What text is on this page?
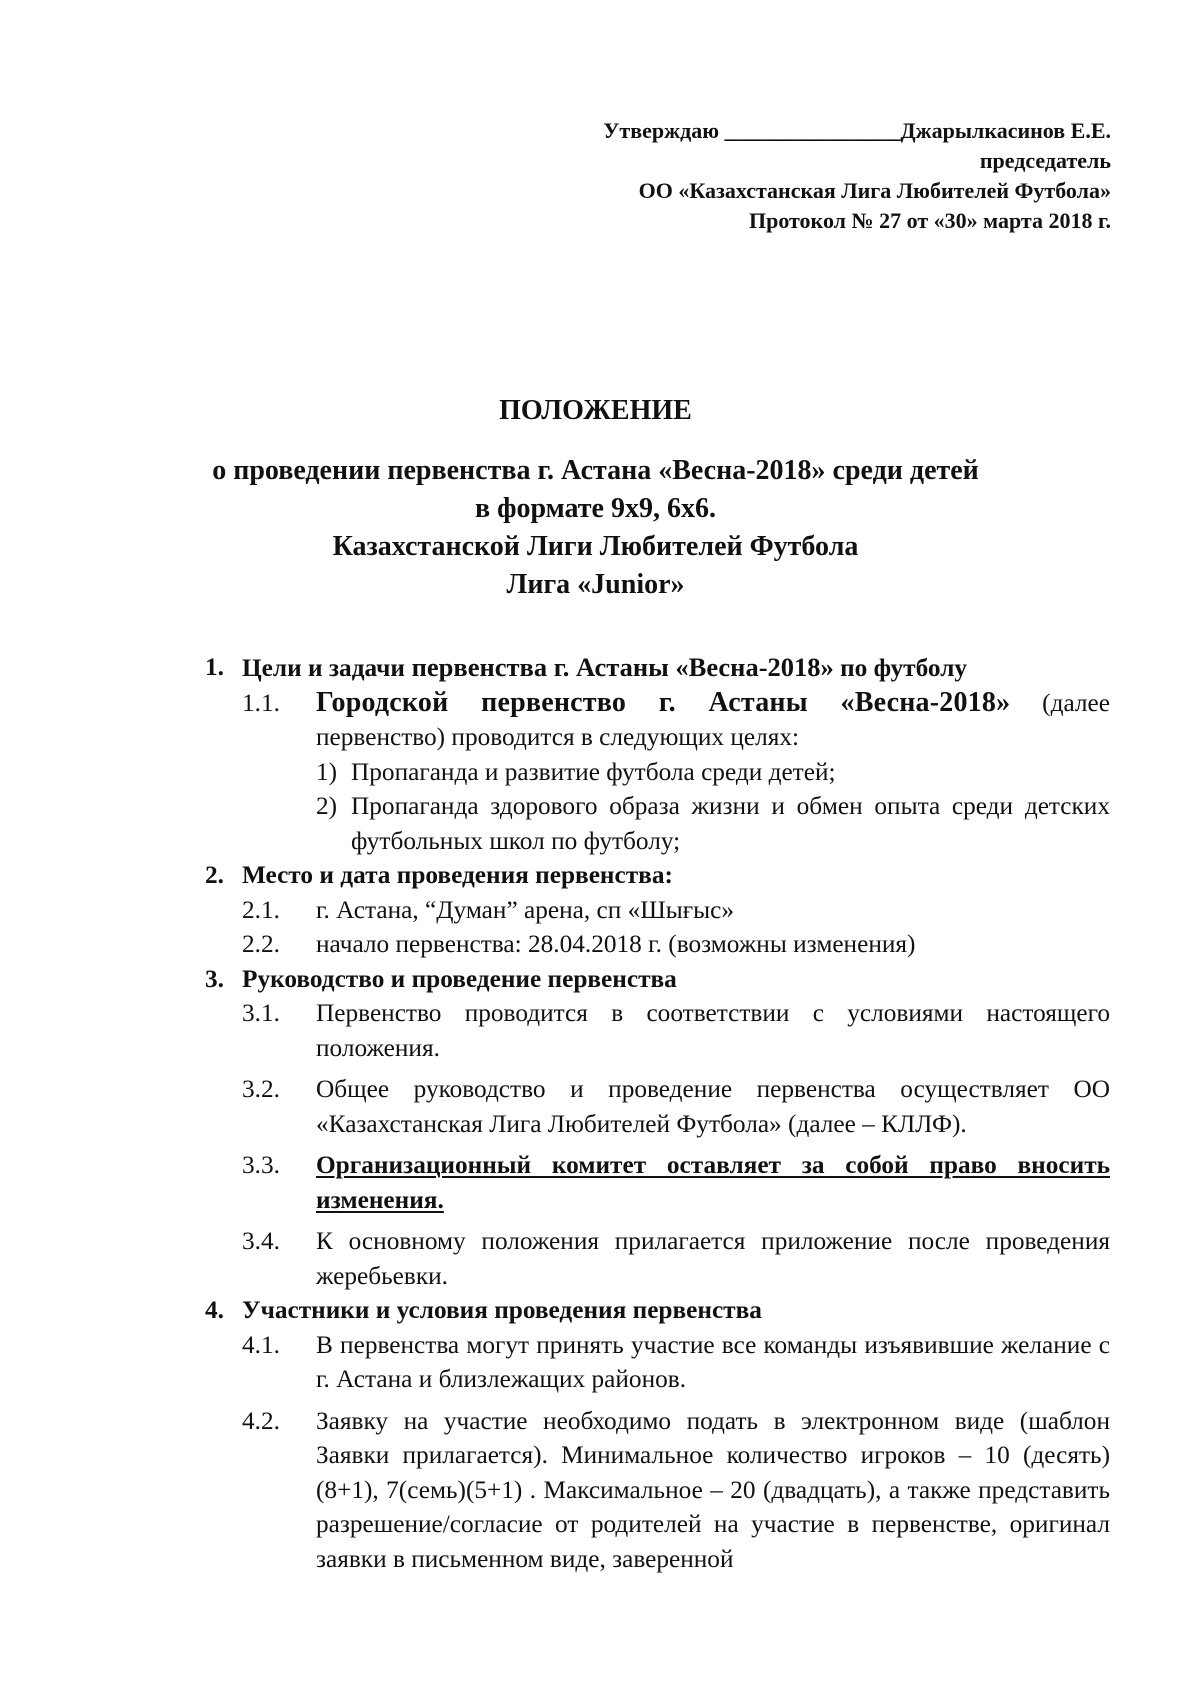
Утверждаю ________________Джарылкасинов Е.Е.
председатель
ОО «Казахстанская Лига Любителей Футбола»
Протокол № 27 от «30» марта 2018 г.
ПОЛОЖЕНИЕ
о проведении первенства г. Астана «Весна-2018» среди детей
в формате 9х9, 6х6.
Казахстанской Лиги Любителей Футбола
Лига «Junior»
1. Цели и задачи первенства г. Астаны «Весна-2018» по футболу
1.1. Городской первенство г. Астаны «Весна-2018» (далее первенство) проводится в следующих целях:
1) Пропаганда и развитие футбола среди детей;
2) Пропаганда здорового образа жизни и обмен опыта среди детских футбольных школ по футболу;
2. Место и дата проведения первенства:
2.1. г. Астана, “Думан” арена, сп «Шығыс»
2.2. начало первенства: 28.04.2018 г. (возможны изменения)
3. Руководство и проведение первенства
3.1. Первенство проводится в соответствии с условиями настоящего положения.
3.2. Общее руководство и проведение первенства осуществляет ОО «Казахстанская Лига Любителей Футбола» (далее – КЛЛФ).
3.3. Организационный комитет оставляет за собой право вносить изменения.
3.4. К основному положения прилагается приложение после проведения жеребьевки.
4. Участники и условия проведения первенства
4.1. В первенства могут принять участие все команды изъявившие желание с г. Астана и близлежащих районов.
4.2. Заявку на участие необходимо подать в электронном виде (шаблон Заявки прилагается). Минимальное количество игроков – 10 (десять)(8+1), 7(семь)(5+1) . Максимальное – 20 (двадцать), а также представить разрешение/согласие от родителей на участие в первенстве, оригинал заявки в письменном виде, заверенной
